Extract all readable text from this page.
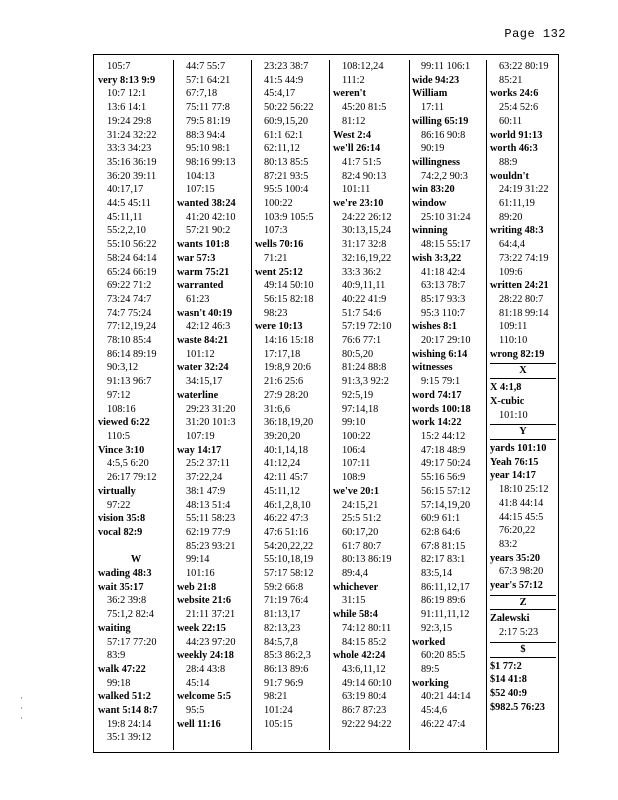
Page 132
105:7
very 8:13 9:9
10:7 12:1
13:6 14:1
19:24 29:8
31:24 32:22
33:3 34:23
35:16 36:19
36:20 39:11
40:17,17
44:5 45:11
45:11,11
55:2,2,10
55:10 56:22
58:24 64:14
65:24 66:19
69:22 71:2
73:24 74:7
74:7 75:24
77:12,19,24
78:10 85:4
86:14 89:19
90:3,12
91:13 96:7
97:12
108:16
viewed 6:22
110:5
Vince 3:10
4:5,5 6:20
26:17 79:12
virtually
97:22
vision 35:8
vocal 82:9
W
wading 48:3
wait 35:17
36:2 39:8
75:1,2 82:4
waiting
57:17 77:20
83:9
walk 47:22
99:18
walked 51:2
want 5:14 8:7
19:8 24:14
35:1 39:12
44:7 55:7
57:1 64:21
67:7,18
75:11 77:8
79:5 81:19
88:3 94:4
95:10 98:1
98:16 99:13
104:13
107:15
wanted 38:24
41:20 42:10
57:21 90:2
wants 101:8
war 57:3
warm 75:21
warranted
61:23
wasn't 40:19
42:12 46:3
waste 84:21
101:12
water 32:24
34:15,17
waterline
29:23 31:20
31:20 101:3
107:19
way 14:17
25:2 37:11
37:22,24
38:1 47:9
48:13 51:4
55:11 58:23
62:19 77:9
85:23 93:21
99:14
101:16
web 21:8
website 21:6
21:11 37:21
week 22:15
44:23 97:20
weekly 24:18
28:4 43:8
45:14
welcome 5:5
95:5
well 11:16
23:23 38:7
41:5 44:9
45:4,17
50:22 56:22
60:9,15,20
61:1 62:1
62:11,12
80:13 85:5
87:21 93:5
95:5 100:4
100:22
103:9 105:5
107:3
wells 70:16
71:21
went 25:12
49:14 50:10
56:15 82:18
98:23
were 10:13
14:16 15:18
17:17,18
19:8,9 20:6
21:6 25:6
27:9 28:20
31:6,6
36:18,19,20
39:20,20
40:1,14,18
41:12,24
42:11 45:7
45:11,12
46:1,2,8,10
46:22 47:3
47:6 51:16
54:20,22,22
55:10,18,19
57:17 58:12
59:2 66:8
71:19 76:4
81:13,17
82:13,23
84:5,7,8
85:3 86:2,3
86:13 89:6
91:7 96:9
98:21
101:24
105:15
108:12,24
111:2
weren't
45:20 81:5
81:12
West 2:4
we'll 26:14
41:7 51:5
82:4 90:13
101:11
we're 23:10
24:22 26:12
30:13,15,24
31:17 32:8
32:16,19,22
33:3 36:2
40:9,11,11
40:22 41:9
51:7 54:6
57:19 72:10
76:6 77:1
80:5,20
81:24 88:8
91:3,3 92:2
92:5,19
97:14,18
99:10
100:22
106:4
107:11
108:9
we've 20:1
24:15,21
25:5 51:2
60:17,20
61:7 80:7
80:13 86:19
89:4,4
whichever
31:15
while 58:4
74:12 80:11
84:15 85:2
whole 42:24
43:6,11,12
49:14 60:10
63:19 80:4
86:7 87:23
92:22 94:22
99:11 106:1
wide 94:23
William
17:11
willing 65:19
86:16 90:8
90:19
willingness
74:2,2 90:3
win 83:20
window
25:10 31:24
winning
48:15 55:17
wish 3:3,22
41:18 42:4
63:13 78:7
85:17 93:3
95:3 110:7
wishes 8:1
20:17 29:10
wishing 6:14
witnesses
9:15 79:1
word 74:17
words 100:18
work 14:22
15:2 44:12
47:18 48:9
49:17 50:24
55:16 56:9
56:15 57:12
57:14,19,20
60:9 61:1
62:8 64:6
67:8 81:15
82:17 83:1
83:5,14
86:11,12,17
86:19 89:6
91:11,11,12
92:3,15
worked
60:20 85:5
89:5
working
40:21 44:14
45:4,6
46:22 47:4
63:22 80:19
85:21
works 24:6
25:4 52:6
60:11
world 91:13
worth 46:3
88:9
wouldn't
24:19 31:22
61:11,19
89:20
writing 48:3
64:4,4
73:22 74:19
109:6
written 24:21
28:22 80:7
81:18 99:14
109:11
110:10
wrong 82:19
X
X 4:1,8
X-cubic
101:10
Y
yards 101:10
Yeah 76:15
year 14:17
18:10 25:12
41:8 44:14
44:15 45:5
76:20,22
83:2
years 35:20
67:3 98:20
year's 57:12
Z
Zalewski
2:17 5:23
$
$1 77:2
$14 41:8
$52 40:9
$982.5 76:23
·
·
·
